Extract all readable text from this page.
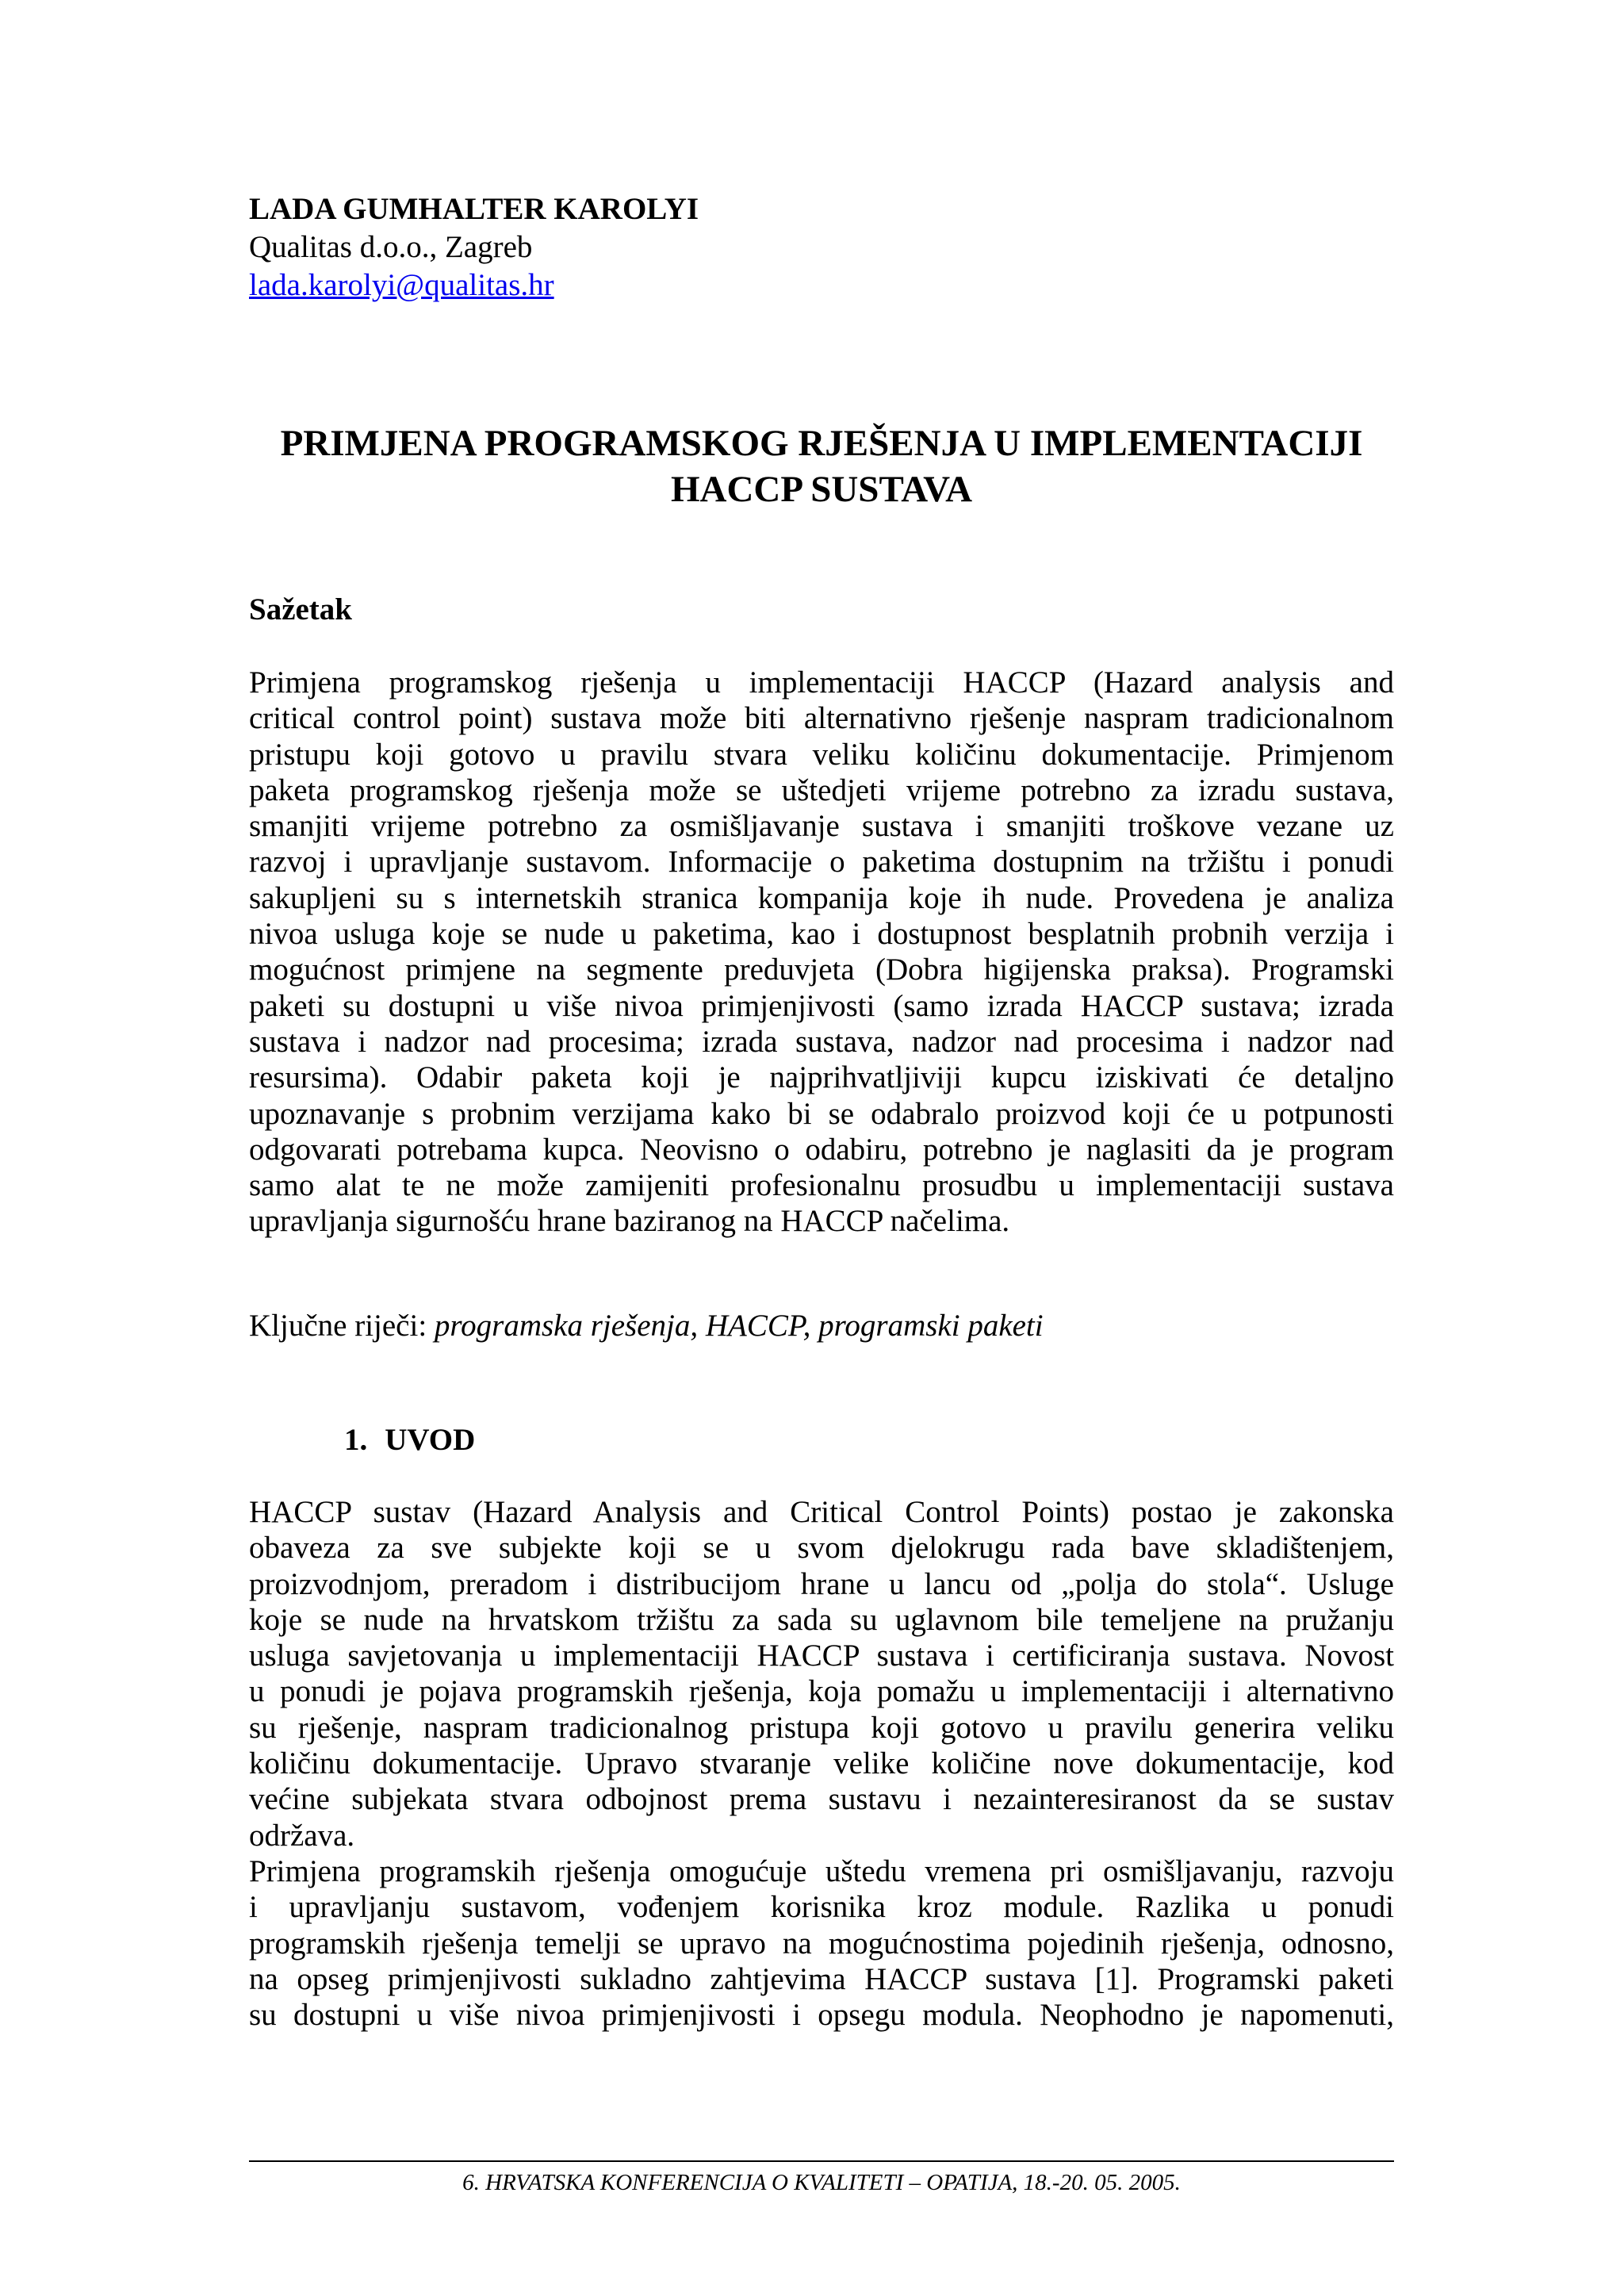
LADA GUMHALTER KAROLYI
Qualitas d.o.o., Zagreb
lada.karolyi@qualitas.hr
PRIMJENA PROGRAMSKOG RJEŠENJA U IMPLEMENTACIJI
HACCP SUSTAVA
Sažetak
Primjena programskog rješenja u implementaciji HACCP (Hazard analysis and
critical control point) sustava može biti alternativno rješenje naspram tradicionalnom
pristupu koji gotovo u pravilu stvara veliku količinu dokumentacije. Primjenom
paketa programskog rješenja može se uštedjeti vrijeme potrebno za izradu sustava,
smanjiti vrijeme potrebno za osmišljavanje sustava i smanjiti troškove vezane uz
razvoj i upravljanje sustavom. Informacije o paketima dostupnim na tržištu i ponudi
sakupljeni su s internetskih stranica kompanija koje ih nude. Provedena je analiza
nivoa usluga koje se nude u paketima, kao i dostupnost besplatnih probnih verzija i
mogućnost primjene na segmente preduvjeta (Dobra higijenska praksa). Programski
paketi su dostupni u više nivoa primjenjivosti (samo izrada HACCP sustava; izrada
sustava i nadzor nad procesima; izrada sustava, nadzor nad procesima i nadzor nad
resursima). Odabir paketa koji je najprihvatljiviji kupcu iziskivati će detaljno
upoznavanje s probnim verzijama kako bi se odabralo proizvod koji će u potpunosti
odgovarati potrebama kupca. Neovisno o odabiru, potrebno je naglasiti da je program
samo alat te ne može zamijeniti profesionalnu prosudbu u implementaciji sustava
upravljanja sigurnošću hrane baziranog na HACCP načelima.
Ključne riječi: programska rješenja, HACCP, programski paketi
1. UVOD
HACCP sustav (Hazard Analysis and Critical Control Points) postao je zakonska
obaveza za sve subjekte koji se u svom djelokrugu rada bave skladištenjem,
proizvodnjom, preradom i distribucijom hrane u lancu od „polja do stola“. Usluge
koje se nude na hrvatskom tržištu za sada su uglavnom bile temeljene na pružanju
usluga savjetovanja u implementaciji HACCP sustava i certificiranja sustava. Novost
u ponudi je pojava programskih rješenja, koja pomažu u implementaciji i alternativno
su rješenje, naspram tradicionalnog pristupa koji gotovo u pravilu generira veliku
količinu dokumentacije. Upravo stvaranje velike količine nove dokumentacije, kod
većine subjekata stvara odbojnost prema sustavu i nezainteresiranost da se sustav
održava.
Primjena programskih rješenja omogućuje uštedu vremena pri osmišljavanju, razvoju
i upravljanju sustavom, vođenjem korisnika kroz module. Razlika u ponudi
programskih rješenja temelji se upravo na mogućnostima pojedinih rješenja, odnosno,
na opseg primjenjivosti sukladno zahtjevima HACCP sustava [1]. Programski paketi
su dostupni u više nivoa primjenjivosti i opsegu modula. Neophodno je napomenuti,
6. HRVATSKA KONFERENCIJA O KVALITETI – OPATIJA, 18.-20. 05. 2005.
